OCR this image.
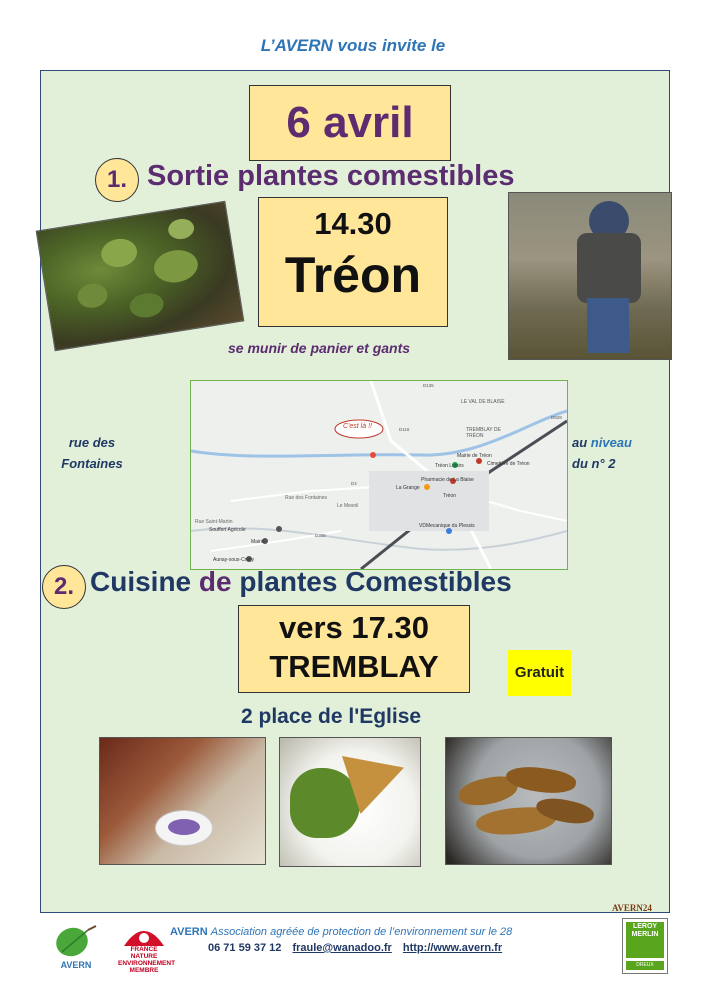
L’AVERN vous invite le
6 avril
1. Sortie plantes comestibles
14.30
Tréon
se munir de panier et gants
rue des
Fontaines
C'est là !!
LE VAL DE BLAISE
TREMBLAY DE TRÉON
Tréon Loisirs
Mairie de Tréon
Cimetière de Tréon
Pharmacie de La Blaise
La Grange
Tréon
VDMecanique du Plessis
Souffert Agricole
Mairie
Aunay-sous-Crécy
Rue des Fontaines
Le Mesnil
Rue Saint-Martin
D135
D116
D928
D4
D305
au niveau
du n° 2
2. Cuisine de plantes Comestibles
vers 17.30
TREMBLAY	Gratuit
2 place de l'Eglise
AVERN24
AVERN
FRANCE NATURE
ENVIRONNEMENT
MEMBRE
AVERN Association agréée de protection de l’environnement sur le 28
06 71 59 37 12 fraule@wanadoo.fr http://www.avern.fr
LEROY MERLIN
DREUX
